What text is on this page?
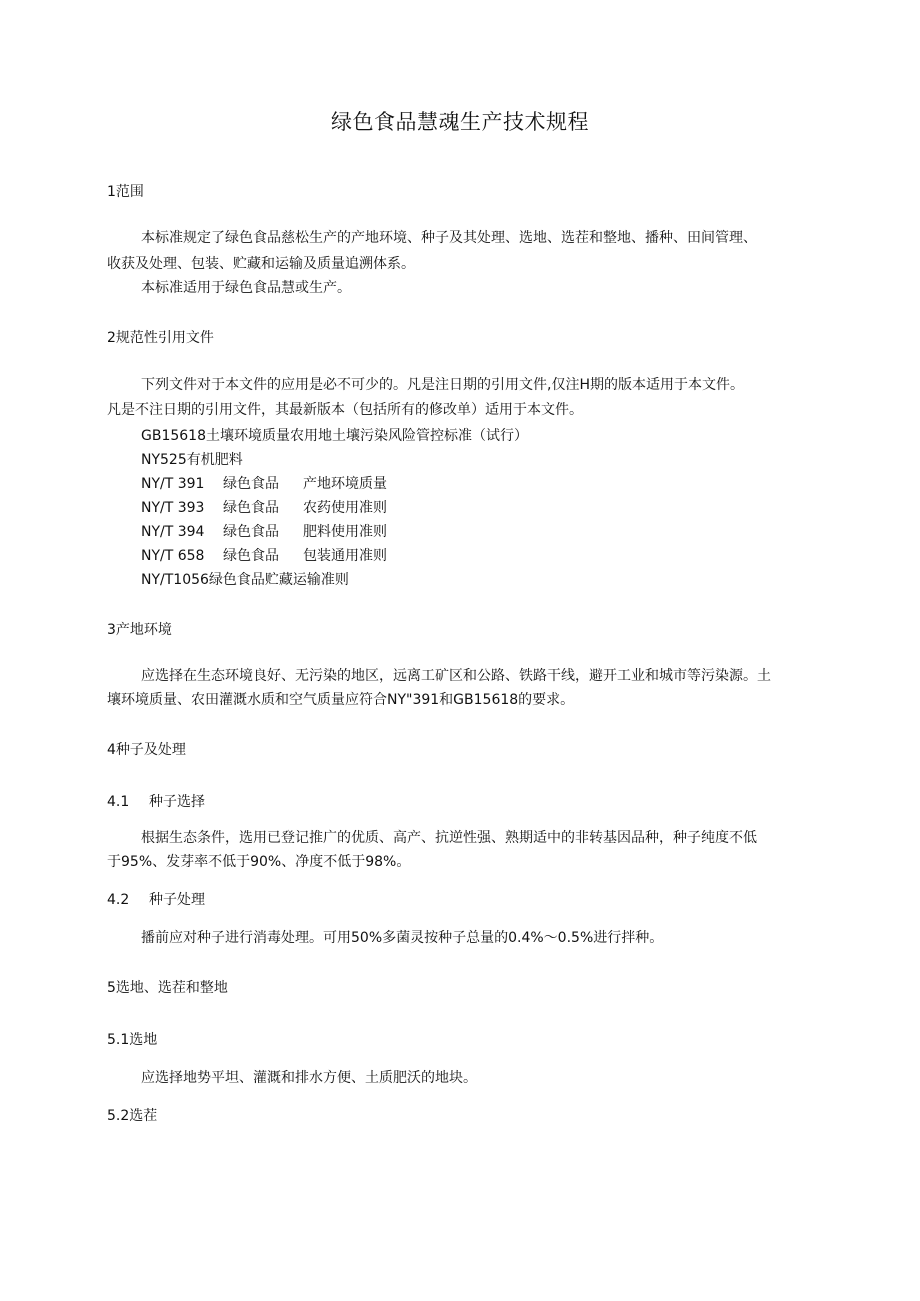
绿色食品慧魂生产技术规程
1范围
本标准规定了绿色食品慈松生产的产地环境、种子及其处理、选地、选茬和整地、播种、田间管理、
收获及处理、包装、贮藏和运输及质量追溯体系。
本标准适用于绿色食品慧或生产。
2规范性引用文件
下列文件对于本文件的应用是必不可少的。凡是注日期的引用文件,仅注H期的版本适用于本文件。
凡是不注日期的引用文件，其最新版本（包括所有的修改单）适用于本文件。
GB15618土壤环境质量农用地土壤污染风险管控标准（试行）
NY525有机肥料
NY/T 391 绿色食品 产地环境质量
NY/T 393 绿色食品 农药使用准则
NY/T 394 绿色食品 肥料使用准则
NY/T 658 绿色食品 包装通用准则
NY/T1056绿色食品贮藏运输准则
3产地环境
应选择在生态环境良好、无污染的地区，远离工矿区和公路、铁路干线，避开工业和城市等污染源。土
壤环境质量、农田灌溉水质和空气质量应符合NY"391和GB15618的要求。
4种子及处理
4.1 种子选择
根据生态条件，选用已登记推广的优质、高产、抗逆性强、熟期适中的非转基因品种，种子纯度不低
于95%、发芽率不低于90%、净度不低于98%。
4.2 种子处理
播前应对种子进行消毒处理。可用50%多菌灵按种子总量的0.4%～0.5%进行拌种。
5选地、选茬和整地
5.1选地
应选择地势平坦、灌溉和排水方便、土质肥沃的地块。
5.2选茬
